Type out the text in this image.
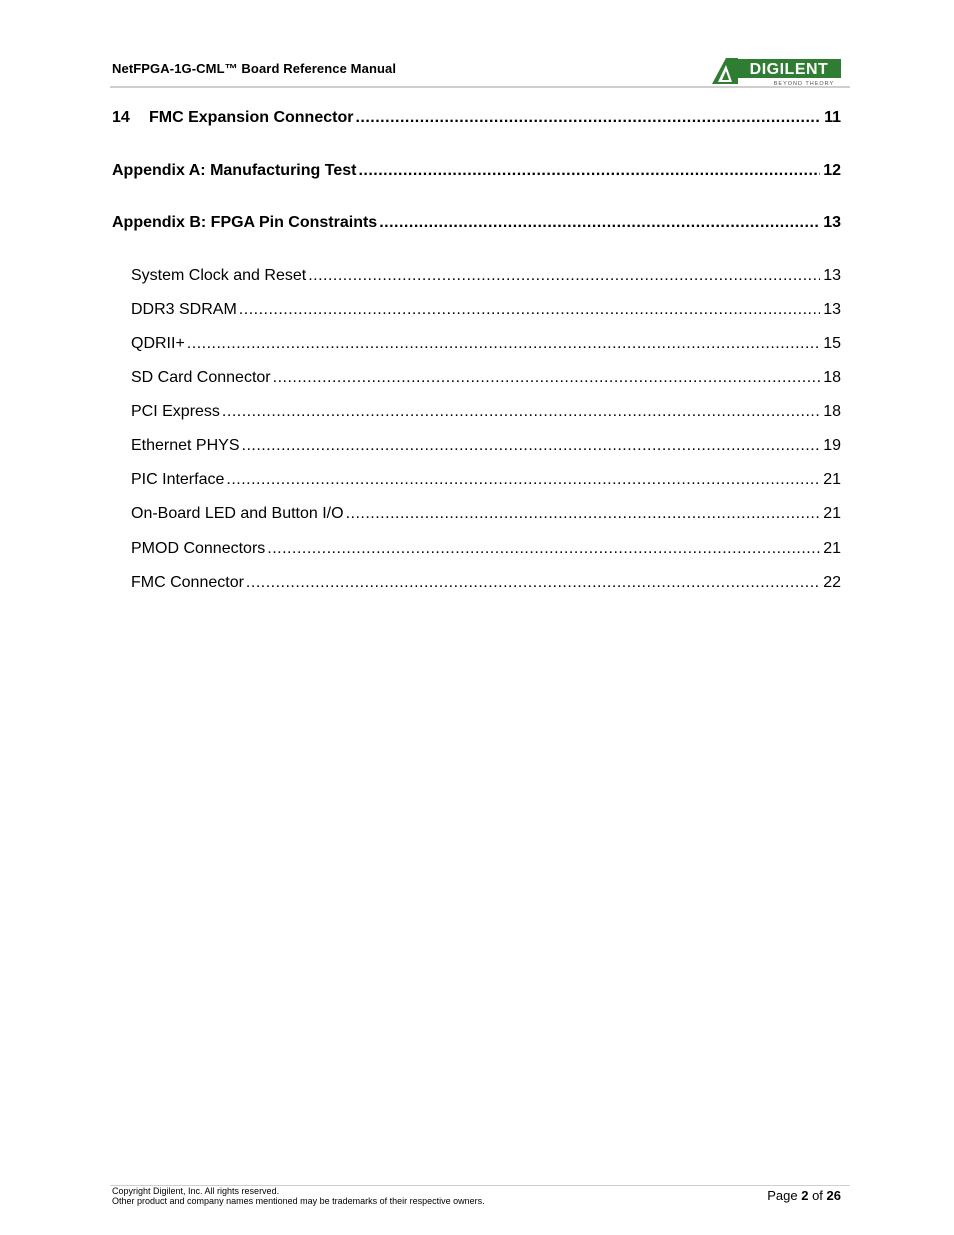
NetFPGA-1G-CML™ Board Reference Manual	DIGILENT
BEYOND THEORY
14	FMC Expansion Connector .....	11
Appendix A: Manufacturing Test .....	12
Appendix B: FPGA Pin Constraints .....	13
System Clock and Reset .....	13
DDR3 SDRAM .....	13
QDRII+ .....	15
SD Card Connector .....	18
PCI Express .....	18
Ethernet PHYS .....	19
PIC Interface .....	21
On-Board LED and Button I/O .....	21
PMOD Connectors .....	21
FMC Connector .....	22
Copyright Digilent, Inc. All rights reserved.
Other product and company names mentioned may be trademarks of their respective owners.	Page 2 of 26
